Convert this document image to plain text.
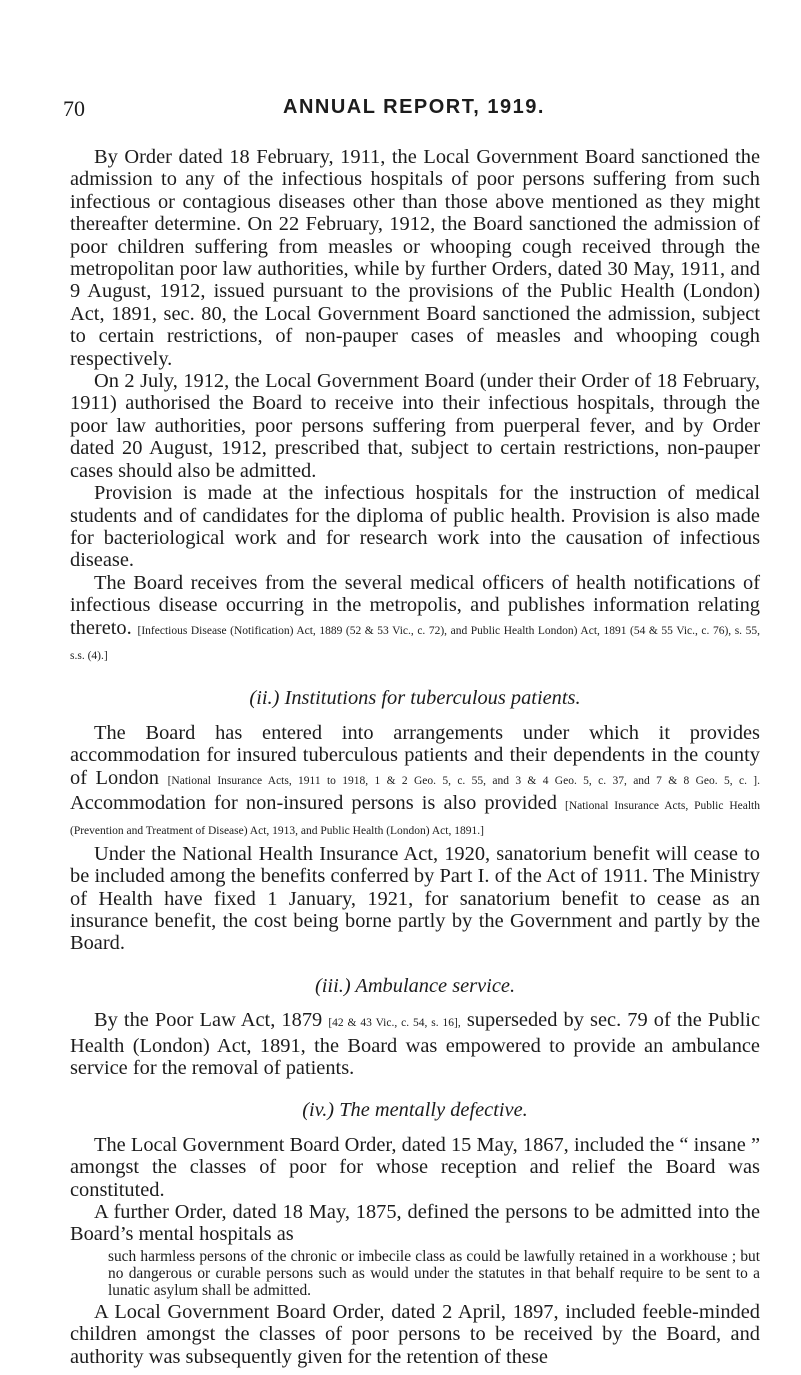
70	ANNUAL REPORT, 1919.

By Order dated 18 February, 1911, the Local Government Board sanctioned the admission to any of the infectious hospitals of poor persons suffering from such infectious or contagious diseases other than those above mentioned as they might thereafter determine. On 22 February, 1912, the Board sanctioned the admission of poor children suffering from measles or whooping cough received through the metropolitan poor law authorities, while by further Orders, dated 30 May, 1911, and 9 August, 1912, issued pursuant to the provisions of the Public Health (London) Act, 1891, sec. 80, the Local Government Board sanctioned the admission, subject to certain restrictions, of non-pauper cases of measles and whooping cough respectively.

On 2 July, 1912, the Local Government Board (under their Order of 18 February, 1911) authorised the Board to receive into their infectious hospitals, through the poor law authorities, poor persons suffering from puerperal fever, and by Order dated 20 August, 1912, prescribed that, subject to certain restrictions, non-pauper cases should also be admitted.

Provision is made at the infectious hospitals for the instruction of medical students and of candidates for the diploma of public health. Provision is also made for bacteriological work and for research work into the causation of infectious disease.

The Board receives from the several medical officers of health notifications of infectious disease occurring in the metropolis, and publishes information relating thereto. [Infectious Disease (Notification) Act, 1889 (52 & 53 Vic., c. 72), and Public Health London) Act, 1891 (54 & 55 Vic., c. 76), s. 55, s.s. (4).]

(ii.) Institutions for tuberculous patients.

The Board has entered into arrangements under which it provides accommodation for insured tuberculous patients and their dependents in the county of London [National Insurance Acts, 1911 to 1918, 1 & 2 Geo. 5, c. 55, and 3 & 4 Geo. 5, c. 37, and 7 & 8 Geo. 5, c. ]. Accommodation for non-insured persons is also provided [National Insurance Acts, Public Health (Prevention and Treatment of Disease) Act, 1913, and Public Health (London) Act, 1891.]

Under the National Health Insurance Act, 1920, sanatorium benefit will cease to be included among the benefits conferred by Part I. of the Act of 1911. The Ministry of Health have fixed 1 January, 1921, for sanatorium benefit to cease as an insurance benefit, the cost being borne partly by the Government and partly by the Board.

(iii.) Ambulance service.

By the Poor Law Act, 1879 [42 & 43 Vic., c. 54, s. 16], superseded by sec. 79 of the Public Health (London) Act, 1891, the Board was empowered to provide an ambulance service for the removal of patients.

(iv.) The mentally defective.

The Local Government Board Order, dated 15 May, 1867, included the “ insane ” amongst the classes of poor for whose reception and relief the Board was constituted.

A further Order, dated 18 May, 1875, defined the persons to be admitted into the Board’s mental hospitals as

such harmless persons of the chronic or imbecile class as could be lawfully retained in a workhouse ; but no dangerous or curable persons such as would under the statutes in that behalf require to be sent to a lunatic asylum shall be admitted.

A Local Government Board Order, dated 2 April, 1897, included feeble-minded children amongst the classes of poor persons to be received by the Board, and authority was subsequently given for the retention of these
